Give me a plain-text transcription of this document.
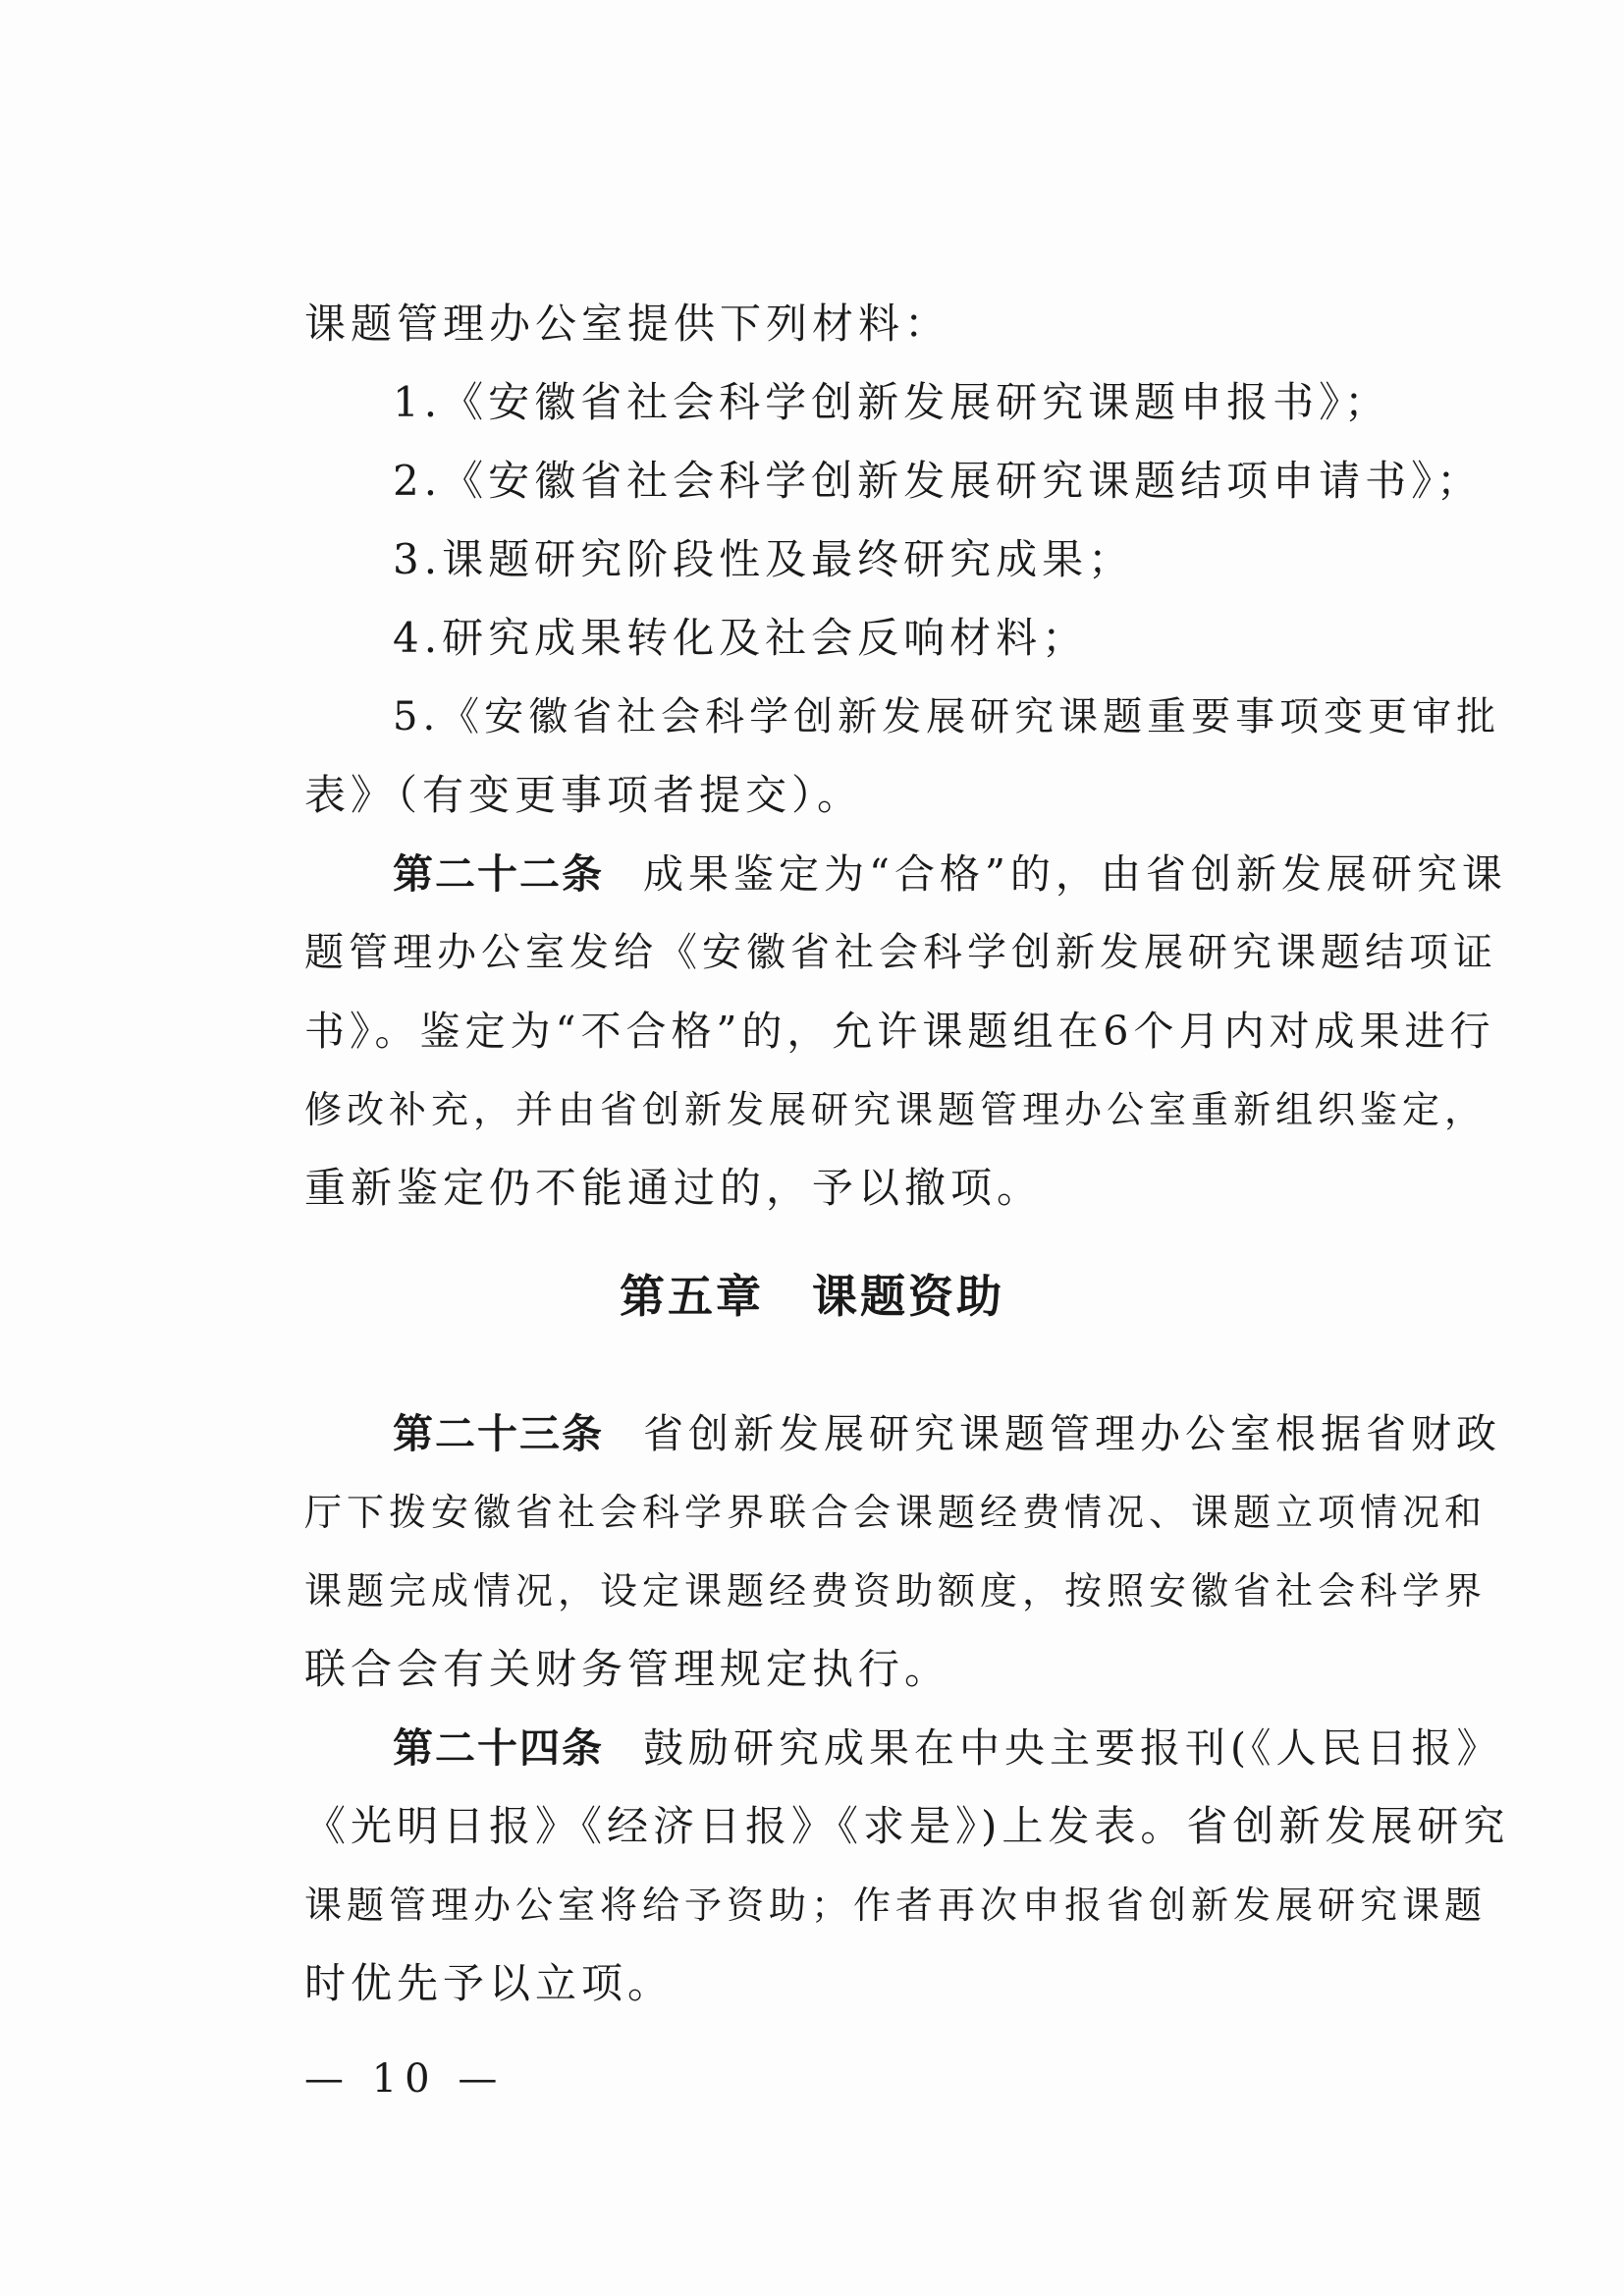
课题管理办公室提供下列材料：
1.《安徽省社会科学创新发展研究课题申报书》；
2.《安徽省社会科学创新发展研究课题结项申请书》；
3.课题研究阶段性及最终研究成果；
4.研究成果转化及社会反响材料；
5.《安徽省社会科学创新发展研究课题重要事项变更审批
表》（有变更事项者提交）。
第二十二条 成果鉴定为“合格”的，由省创新发展研究课
题管理办公室发给《安徽省社会科学创新发展研究课题结项证
书》。鉴定为“不合格”的，允许课题组在6个月内对成果进行
修改补充，并由省创新发展研究课题管理办公室重新组织鉴定，
重新鉴定仍不能通过的，予以撤项。
第五章　课题资助
第二十三条 省创新发展研究课题管理办公室根据省财政
厅下拨安徽省社会科学界联合会课题经费情况、课题立项情况和
课题完成情况，设定课题经费资助额度，按照安徽省社会科学界
联合会有关财务管理规定执行。
第二十四条 鼓励研究成果在中央主要报刊(《人民日报》
《光明日报》《经济日报》《求是》)上发表。省创新发展研究
课题管理办公室将给予资助；作者再次申报省创新发展研究课题
时优先予以立项。
— 10 —
